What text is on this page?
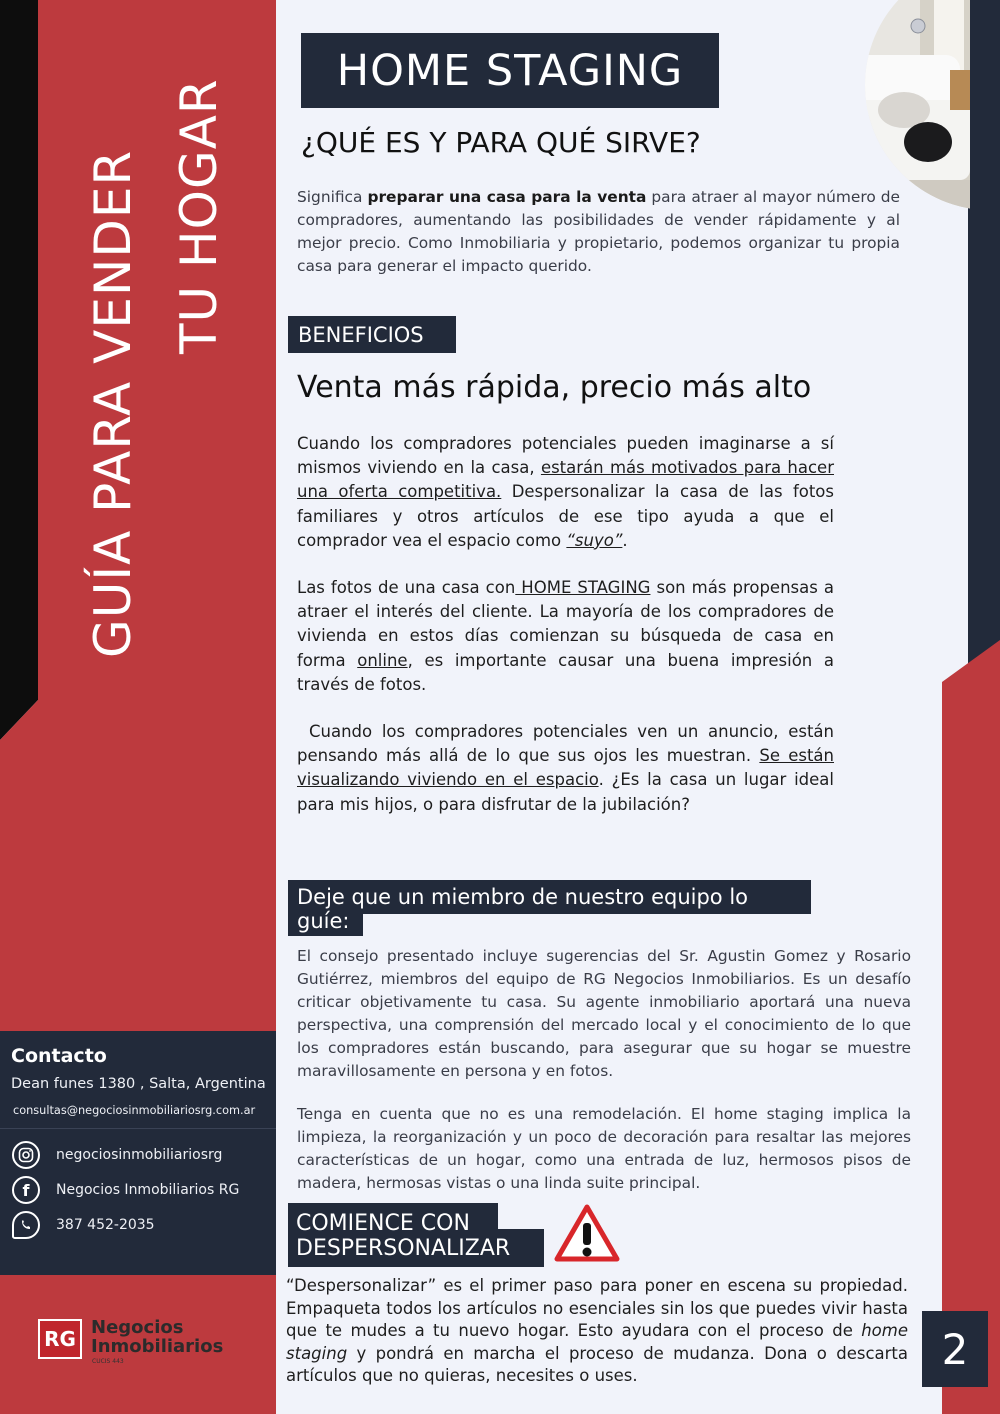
GUÍA PARA VENDER TU HOGAR
HOME STAGING
¿QUÉ ES Y PARA QUÉ SIRVE?
Significa preparar una casa para la venta para atraer al mayor número de compradores, aumentando las posibilidades de vender rápidamente y al mejor precio. Como Inmobiliaria y propietario, podemos organizar tu propia casa para generar el impacto querido.
BENEFICIOS
Venta más rápida, precio más alto
Cuando los compradores potenciales pueden imaginarse a sí mismos viviendo en la casa, estarán más motivados para hacer una oferta competitiva. Despersonalizar la casa de las fotos familiares y otros artículos de ese tipo ayuda a que el comprador vea el espacio como “suyo”.
Las fotos de una casa con HOME STAGING son más propensas a atraer el interés del cliente. La mayoría de los compradores de vivienda en estos días comienzan su búsqueda de casa en forma online, es importante causar una buena impresión a través de fotos.
Cuando los compradores potenciales ven un anuncio, están pensando más allá de lo que sus ojos les muestran. Se están visualizando viviendo en el espacio. ¿Es la casa un lugar ideal para mis hijos, o para disfrutar de la jubilación?
Deje que un miembro de nuestro equipo lo
guíe:
El consejo presentado incluye sugerencias del Sr. Agustin Gomez y Rosario Gutiérrez, miembros del equipo de RG Negocios Inmobiliarios. Es un desafío criticar objetivamente tu casa. Su agente inmobiliario aportará una nueva perspectiva, una comprensión del mercado local y el conocimiento de lo que los compradores están buscando, para asegurar que su hogar se muestre maravillosamente en persona y en fotos.
Tenga en cuenta que no es una remodelación. El home staging implica la limpieza, la reorganización y un poco de decoración para resaltar las mejores características de un hogar, como una entrada de luz, hermosos pisos de madera, hermosas vistas o una linda suite principal.
COMIENCE CON
DESPERSONALIZAR
“Despersonalizar” es el primer paso para poner en escena su propiedad. Empaqueta todos los artículos no esenciales sin los que puedes vivir hasta que te mudes a tu nuevo hogar. Esto ayudara con el proceso de home staging y pondrá en marcha el proceso de mudanza. Dona o descarta artículos que no quieras, necesites o uses.
Contacto
Dean funes 1380 , Salta, Argentina
consultas@negociosinmobiliariosrg.com.ar
negociosinmobiliariosrg
f Negocios Inmobiliarios RG
387 452-2035
RG Negocios
Inmobiliarios
CUCIS 443	2
